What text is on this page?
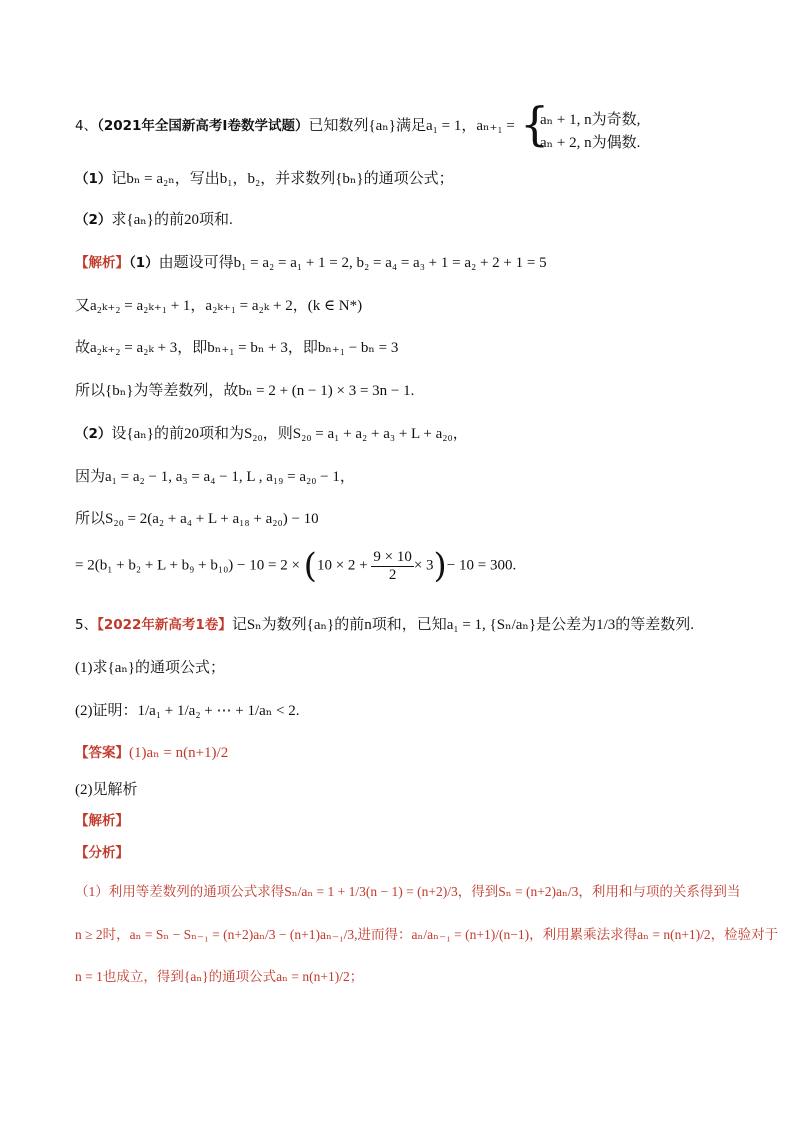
4、（2021年全国新高考Ⅰ卷数学试题）已知数列{aₙ}满足a₁ = 1，aₙ₊₁ = {
aₙ + 1, n为奇数,
aₙ + 2, n为偶数.
（1）记bₙ = a₂ₙ，写出b₁，b₂，并求数列{bₙ}的通项公式；
（2）求{aₙ}的前20项和.
【解析】（1）由题设可得b₁ = a₂ = a₁ + 1 = 2, b₂ = a₄ = a₃ + 1 = a₂ + 2 + 1 = 5
又a₂ₖ₊₂ = a₂ₖ₊₁ + 1，a₂ₖ₊₁ = a₂ₖ + 2，(k ∈ N*)
故a₂ₖ₊₂ = a₂ₖ + 3，即bₙ₊₁ = bₙ + 3，即bₙ₊₁ − bₙ = 3
所以{bₙ}为等差数列，故bₙ = 2 + (n − 1) × 3 = 3n − 1.
（2）设{aₙ}的前20项和为S₂₀，则S₂₀ = a₁ + a₂ + a₃ + L + a₂₀，
因为a₁ = a₂ − 1, a₃ = a₄ − 1, L , a₁₉ = a₂₀ − 1，
所以S₂₀ = 2(a₂ + a₄ + L + a₁₈ + a₂₀) − 10
= $2(b_1 + b_2 + L + b_9 + b_{10}) - 10 = 2 \times (10 \times 2 + \frac{9 \times 10}{2} \times 3)- 10 = 300$.
5、【2022年新高考1卷】记Sₙ为数列{aₙ}的前n项和，已知a₁ = 1, {Sₙ/aₙ}是公差为1/3的等差数列.
(1)求{aₙ}的通项公式；
(2)证明：1/a₁ + 1/a₂ + ⋯ + 1/aₙ < 2.
【答案】(1)aₙ = n(n+1)/2
(2)见解析
【解析】
【分析】
（1）利用等差数列的通项公式求得Sₙ/aₙ = 1 + 1/3(n − 1) = (n+2)/3，得到Sₙ = (n+2)aₙ/3，利用和与项的关系得到当
n ≥ 2时，aₙ = Sₙ − Sₙ₋₁ = (n+2)aₙ/3 − (n+1)aₙ₋₁/3,进而得：aₙ/aₙ₋₁ = (n+1)/(n−1)，利用累乘法求得aₙ = n(n+1)/2，检验对于
n = 1也成立，得到{aₙ}的通项公式aₙ = n(n+1)/2；
